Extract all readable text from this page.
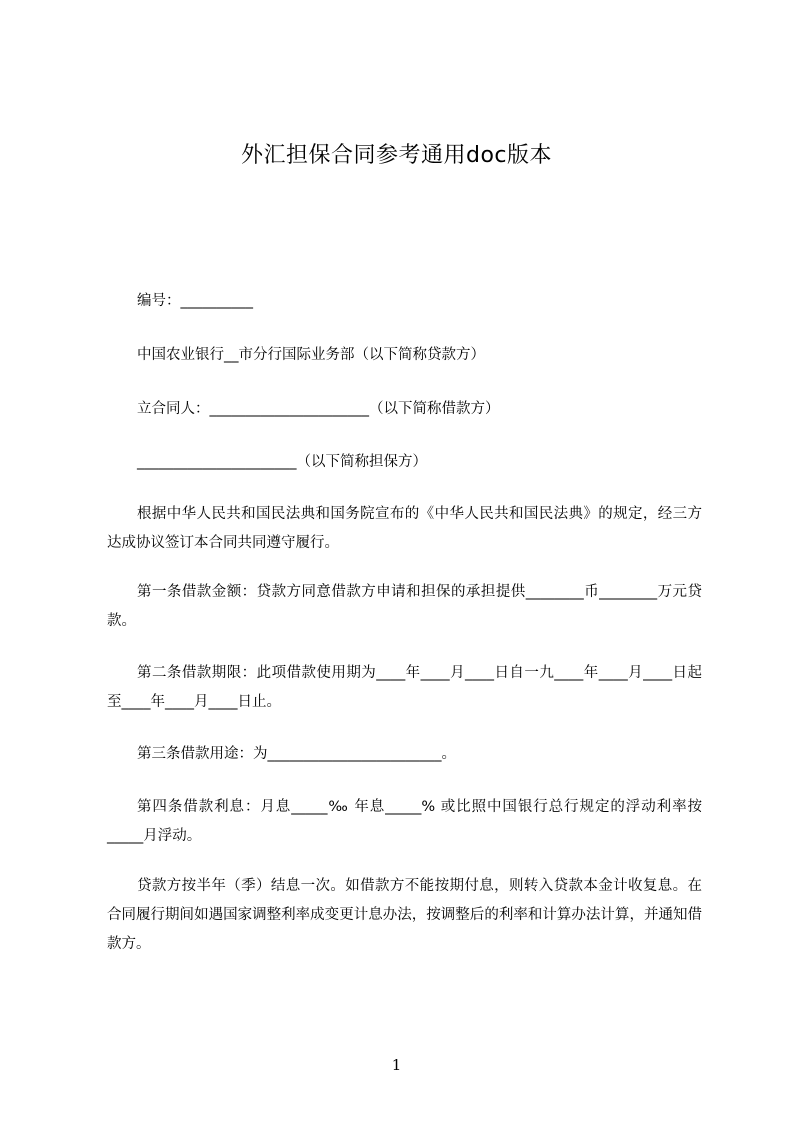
外汇担保合同参考通用doc版本
编号：__________
中国农业银行__市分行国际业务部（以下简称贷款方）
立合同人：______________________（以下简称借款方）
______________________（以下简称担保方）
根据中华人民共和国民法典和国务院宣布的《中华人民共和国民法典》的规定，经三方达成协议签订本合同共同遵守履行。
第一条借款金额：贷款方同意借款方申请和担保的承担提供________币________万元贷款。
第二条借款期限：此项借款使用期为____年____月____日自一九____年____月____日起至____年____月____日止。
第三条借款用途：为________________________。
第四条借款利息：月息_____‰ 年息_____% 或比照中国银行总行规定的浮动利率按_____月浮动。
贷款方按半年（季）结息一次。如借款方不能按期付息，则转入贷款本金计收复息。在合同履行期间如遇国家调整利率成变更计息办法，按调整后的利率和计算办法计算，并通知借款方。
1
